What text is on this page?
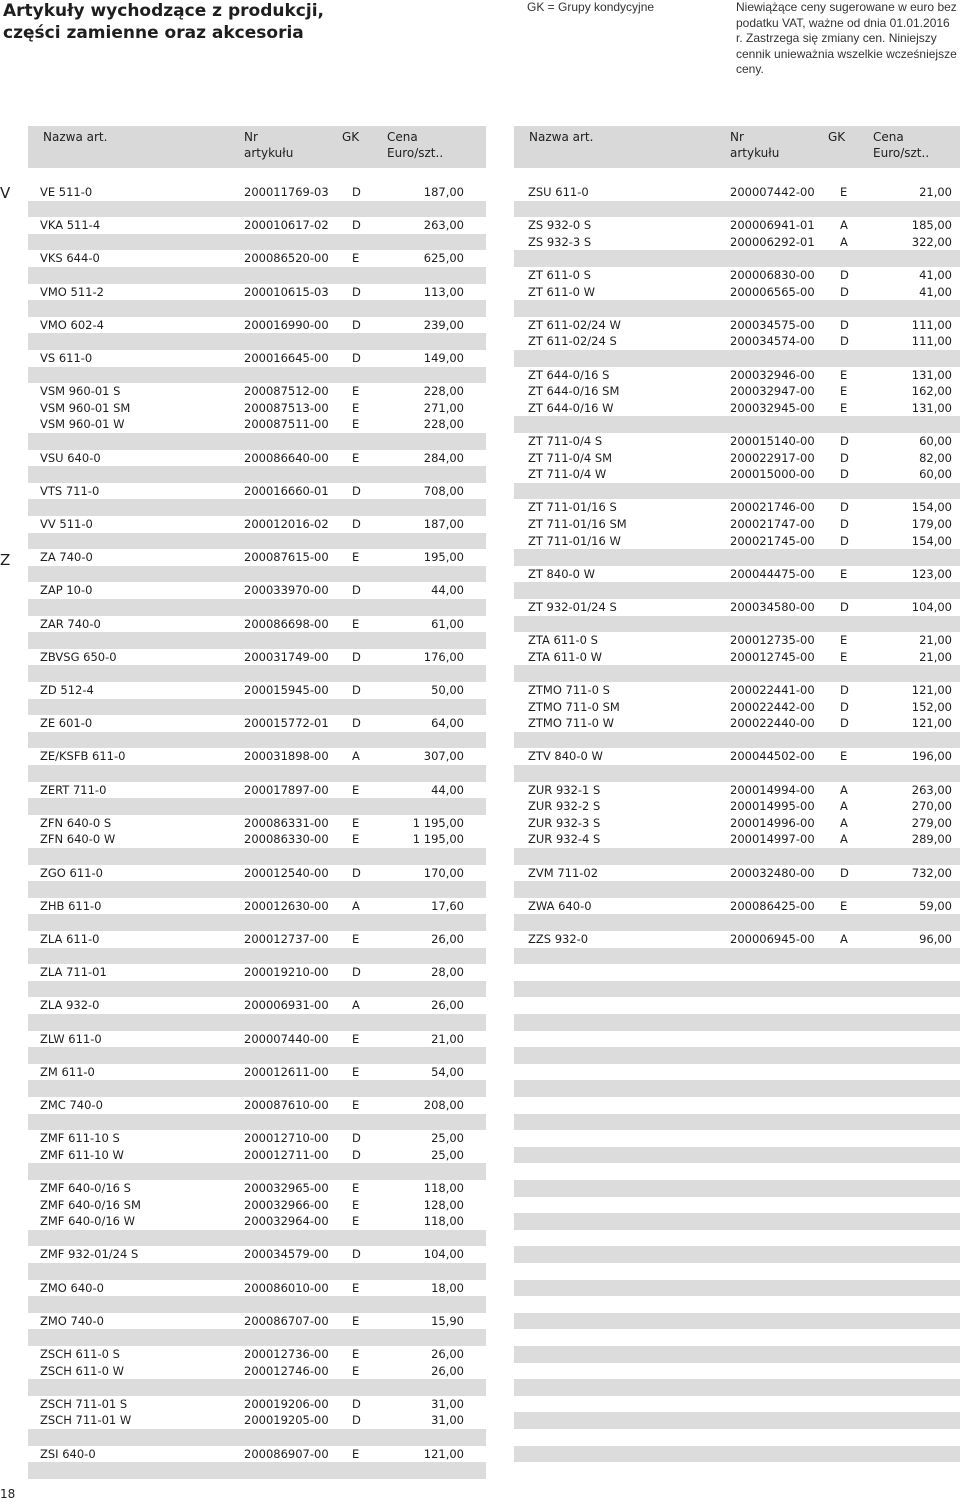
Artykuły wychodzące z produkcji,
części zamienne oraz akcesoria
GK = Grupy kondycyjne	Niewiążące ceny sugerowane w euro bez podatku VAT, ważne od dnia 01.01.2016 r. Zastrzega się zmiany cen. Niniejszy cennik unieważnia wszelkie wcześniejsze ceny.
Nazwa art.	Nr
artykułu
GK Cena
Euro/szt..
Nazwa art.	Nr
artykułu
GK Cena
Euro/szt..
V
Z
VE 511-0	200011769-03 D	187,00
VKA 511-4	200010617-02 D	263,00
VKS 644-0	200086520-00 E	625,00
VMO 511-2	200010615-03 D	113,00
VMO 602-4	200016990-00 D	239,00
VS 611-0	200016645-00 D	149,00
VSM 960-01 S	200087512-00 E	228,00
VSM 960-01 SM	200087513-00 E	271,00
VSM 960-01 W	200087511-00 E	228,00
VSU 640-0	200086640-00 E	284,00
VTS 711-0	200016660-01 D	708,00
VV 511-0	200012016-02 D	187,00
ZA 740-0	200087615-00 E	195,00
ZAP 10-0	200033970-00 D	44,00
ZAR 740-0	200086698-00 E	61,00
ZBVSG 650-0	200031749-00 D	176,00
ZD 512-4	200015945-00 D	50,00
ZE 601-0	200015772-01 D	64,00
ZE/KSFB 611-0	200031898-00 A	307,00
ZERT 711-0	200017897-00 E	44,00
ZFN 640-0 S	200086331-00 E	1 195,00
ZFN 640-0 W	200086330-00 E	1 195,00
ZGO 611-0	200012540-00 D	170,00
ZHB 611-0	200012630-00 A	17,60
ZLA 611-0	200012737-00 E	26,00
ZLA 711-01	200019210-00 D	28,00
ZLA 932-0	200006931-00 A	26,00
ZLW 611-0	200007440-00 E	21,00
ZM 611-0	200012611-00 E	54,00
ZMC 740-0	200087610-00 E	208,00
ZMF 611-10 S	200012710-00 D	25,00
ZMF 611-10 W	200012711-00 D	25,00
ZMF 640-0/16 S	200032965-00 E	118,00
ZMF 640-0/16 SM	200032966-00 E	128,00
ZMF 640-0/16 W	200032964-00 E	118,00
ZMF 932-01/24 S	200034579-00 D	104,00
ZMO 640-0	200086010-00 E	18,00
ZMO 740-0	200086707-00 E	15,90
ZSCH 611-0 S	200012736-00 E	26,00
ZSCH 611-0 W	200012746-00 E	26,00
ZSCH 711-01 S	200019206-00 D	31,00
ZSCH 711-01 W	200019205-00 D	31,00
ZSI 640-0	200086907-00 E	121,00
ZSU 611-0	200007442-00 E	21,00
ZS 932-0 S	200006941-01 A	185,00
ZS 932-3 S	200006292-01 A	322,00
ZT 611-0 S	200006830-00 D	41,00
ZT 611-0 W	200006565-00 D	41,00
ZT 611-02/24 W	200034575-00 D	111,00
ZT 611-02/24 S	200034574-00 D	111,00
ZT 644-0/16 S	200032946-00 E	131,00
ZT 644-0/16 SM	200032947-00 E	162,00
ZT 644-0/16 W	200032945-00 E	131,00
ZT 711-0/4 S	200015140-00 D	60,00
ZT 711-0/4 SM	200022917-00 D	82,00
ZT 711-0/4 W	200015000-00 D	60,00
ZT 711-01/16 S	200021746-00 D	154,00
ZT 711-01/16 SM	200021747-00 D	179,00
ZT 711-01/16 W	200021745-00 D	154,00
ZT 840-0 W	200044475-00 E	123,00
ZT 932-01/24 S	200034580-00 D	104,00
ZTA 611-0 S	200012735-00 E	21,00
ZTA 611-0 W	200012745-00 E	21,00
ZTMO 711-0 S	200022441-00 D	121,00
ZTMO 711-0 SM	200022442-00 D	152,00
ZTMO 711-0 W	200022440-00 D	121,00
ZTV 840-0 W	200044502-00 E	196,00
ZUR 932-1 S	200014994-00 A	263,00
ZUR 932-2 S	200014995-00 A	270,00
ZUR 932-3 S	200014996-00 A	279,00
ZUR 932-4 S	200014997-00 A	289,00
ZVM 711-02	200032480-00 D	732,00
ZWA 640-0	200086425-00 E	59,00
ZZS 932-0	200006945-00 A	96,00
18
